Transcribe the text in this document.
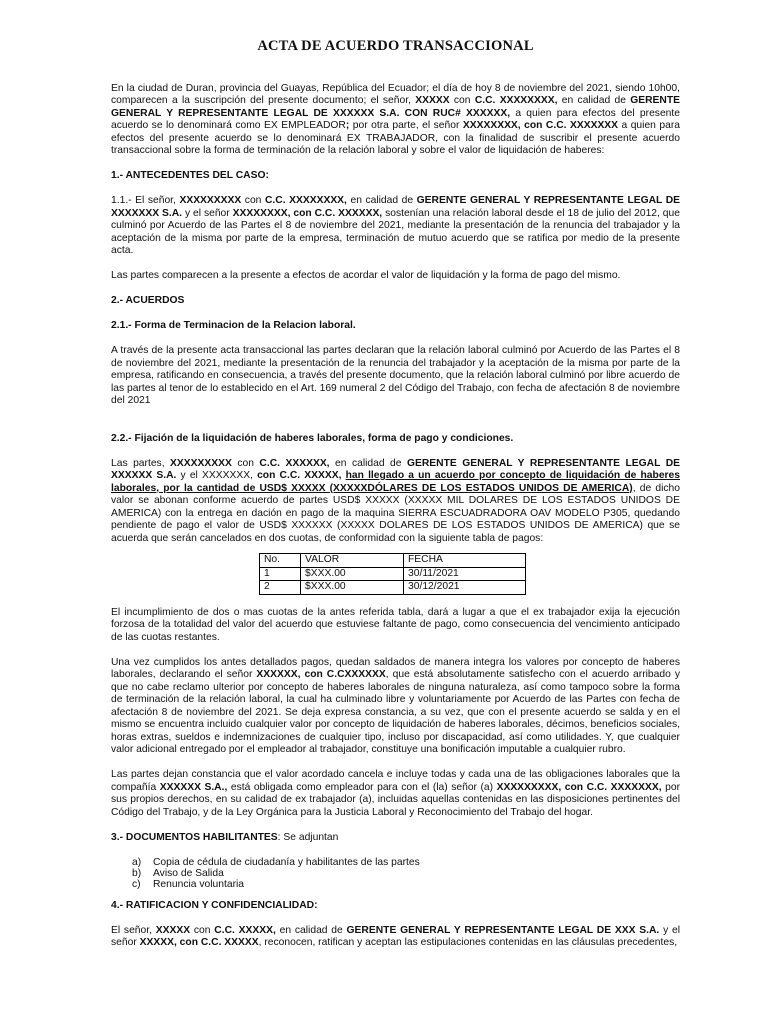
ACTA DE ACUERDO TRANSACCIONAL

En la ciudad de Duran, provincia del Guayas, República del Ecuador; el día de hoy 8 de noviembre del 2021, siendo 10h00, comparecen a la suscripción del presente documento; el señor, XXXXX con C.C. XXXXXXXX, en calidad de GERENTE GENERAL Y REPRESENTANTE LEGAL DE XXXXXX S.A. CON RUC# XXXXXX, a quien para efectos del presente acuerdo se lo denominará como EX EMPLEADOR; por otra parte, el señor XXXXXXXX, con C.C. XXXXXXX a quien para efectos del presente acuerdo se lo denominará EX TRABAJADOR, con la finalidad de suscribir el presente acuerdo transaccional sobre la forma de terminación de la relación laboral y sobre el valor de liquidación de haberes:

1.- ANTECEDENTES DEL CASO:

1.1.- El señor, XXXXXXXXX con C.C. XXXXXXXX, en calidad de GERENTE GENERAL Y REPRESENTANTE LEGAL DE XXXXXXX S.A. y el señor XXXXXXXX, con C.C. XXXXXX, sostenían una relación laboral desde el 18 de julio del 2012, que culminó por Acuerdo de las Partes el 8 de noviembre del 2021, mediante la presentación de la renuncia del trabajador y la aceptación de la misma por parte de la empresa, terminación de mutuo acuerdo que se ratifica por medio de la presente acta.

Las partes comparecen a la presente a efectos de acordar el valor de liquidación y la forma de pago del mismo.

2.- ACUERDOS

2.1.- Forma de Terminacion de la Relacion laboral.

A través de la presente acta transaccional las partes declaran que la relación laboral culminó por Acuerdo de las Partes el 8 de noviembre del 2021, mediante la presentación de la renuncia del trabajador y la aceptación de la misma por parte de la empresa, ratificando en consecuencia, a través del presente documento, que la relación laboral culminó por libre acuerdo de las partes al tenor de lo establecido en el Art. 169 numeral 2 del Código del Trabajo, con fecha de afectación 8 de noviembre del 2021

2.2.- Fijación de la liquidación de haberes laborales, forma de pago y condiciones.

Las partes, XXXXXXXXX con C.C. XXXXXX, en calidad de GERENTE GENERAL Y REPRESENTANTE LEGAL DE XXXXXX S.A. y el XXXXXXX, con C.C. XXXXX, han llegado a un acuerdo por concepto de liquidación de haberes laborales, por la cantidad de USD$ XXXXX (XXXXXDÓLARES DE LOS ESTADOS UNIDOS DE AMERICA), de dicho valor se abonan conforme acuerdo de partes USD$ XXXXX (XXXXX MIL DOLARES DE LOS ESTADOS UNIDOS DE AMERICA) con la entrega en dación en pago de la maquina SIERRA ESCUADRADORA OAV MODELO P305, quedando pendiente de pago el valor de USD$ XXXXXX (XXXXX DOLARES DE LOS ESTADOS UNIDOS DE AMERICA) que se acuerda que serán cancelados en dos cuotas, de conformidad con la siguiente tabla de pagos:

No.	VALOR	FECHA
1	$XXX.00	30/11/2021
2	$XXX.00	30/12/2021

El incumplimiento de dos o mas cuotas de la antes referida tabla, dará a lugar a que el ex trabajador exija la ejecución forzosa de la totalidad del valor del acuerdo que estuviese faltante de pago, como consecuencia del vencimiento anticipado de las cuotas restantes.

Una vez cumplidos los antes detallados pagos, quedan saldados de manera integra los valores por concepto de haberes laborales, declarando el señor XXXXXX, con C.CXXXXXX, que está absolutamente satisfecho con el acuerdo arribado y que no cabe reclamo ulterior por concepto de haberes laborales de ninguna naturaleza, así como tampoco sobre la forma de terminación de la relación laboral, la cual ha culminado libre y voluntariamente por Acuerdo de las Partes con fecha de afectación 8 de noviembre del 2021. Se deja expresa constancia, a su vez, que con el presente acuerdo se salda y en el mismo se encuentra incluido cualquier valor por concepto de liquidación de haberes laborales, décimos, beneficios sociales, horas extras, sueldos e indemnizaciones de cualquier tipo, incluso por discapacidad, así como utilidades. Y, que cualquier valor adicional entregado por el empleador al trabajador, constituye una bonificación imputable a cualquier rubro.

Las partes dejan constancia que el valor acordado cancela e incluye todas y cada una de las obligaciones laborales que la compañía XXXXXX S.A., está obligada como empleador para con el (la) señor (a) XXXXXXXXX, con C.C. XXXXXXX, por sus propios derechos, en su calidad de ex trabajador (a), incluidas aquellas contenidas en las disposiciones pertinentes del Código del Trabajo, y de la Ley Orgánica para la Justicia Laboral y Reconocimiento del Trabajo del hogar.

3.- DOCUMENTOS HABILITANTES: Se adjuntan

a) Copia de cédula de ciudadanía y habilitantes de las partes
b) Aviso de Salida
c) Renuncia voluntaria

4.- RATIFICACION Y CONFIDENCIALIDAD:

El señor, XXXXX con C.C. XXXXX, en calidad de GERENTE GENERAL Y REPRESENTANTE LEGAL DE XXX S.A. y el señor XXXXX, con C.C. XXXXX, reconocen, ratifican y aceptan las estipulaciones contenidas en las cláusulas precedentes,
